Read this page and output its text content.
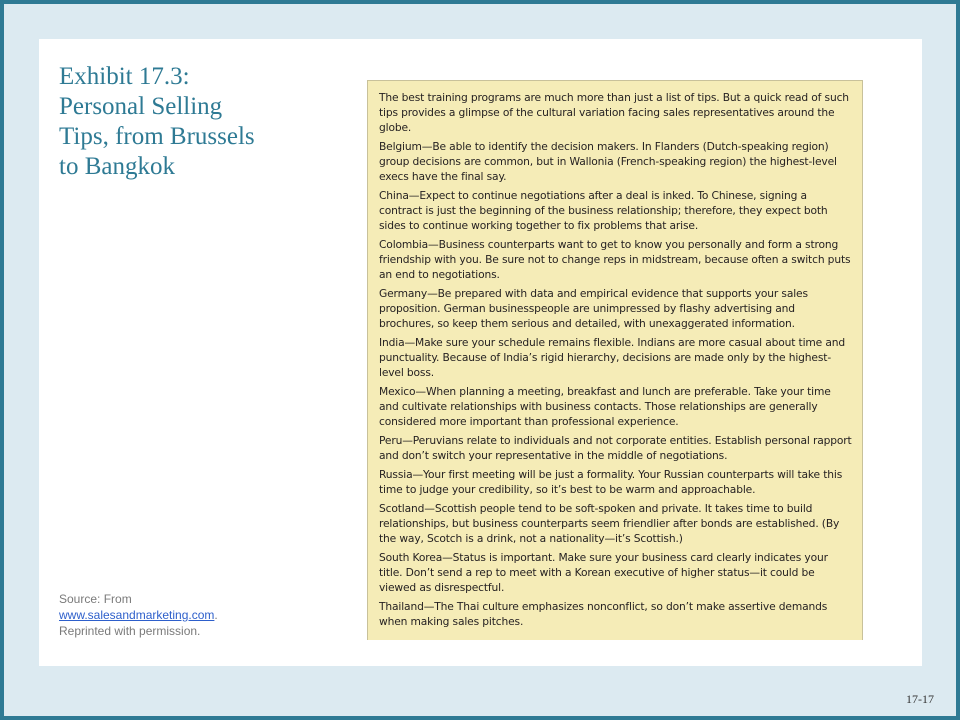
Exhibit 17.3:
Personal Selling
Tips, from Brussels
to Bangkok

The best training programs are much more than just a list of tips. But a quick read of such tips provides a glimpse of the cultural variation facing sales representatives around the globe.

Belgium—Be able to identify the decision makers. In Flanders (Dutch-speaking region) group decisions are common, but in Wallonia (French-speaking region) the highest-level execs have the final say.

China—Expect to continue negotiations after a deal is inked. To Chinese, signing a contract is just the beginning of the business relationship; therefore, they expect both sides to continue working together to fix problems that arise.

Colombia—Business counterparts want to get to know you personally and form a strong friendship with you. Be sure not to change reps in midstream, because often a switch puts an end to negotiations.

Germany—Be prepared with data and empirical evidence that supports your sales proposition. German businesspeople are unimpressed by flashy advertising and brochures, so keep them serious and detailed, with unexaggerated information.

India—Make sure your schedule remains flexible. Indians are more casual about time and punctuality. Because of India’s rigid hierarchy, decisions are made only by the highest-level boss.

Mexico—When planning a meeting, breakfast and lunch are preferable. Take your time and cultivate relationships with business contacts. Those relationships are generally considered more important than professional experience.

Peru—Peruvians relate to individuals and not corporate entities. Establish personal rapport and don’t switch your representative in the middle of negotiations.

Russia—Your first meeting will be just a formality. Your Russian counterparts will take this time to judge your credibility, so it’s best to be warm and approachable.

Scotland—Scottish people tend to be soft-spoken and private. It takes time to build relationships, but business counterparts seem friendlier after bonds are established. (By the way, Scotch is a drink, not a nationality—it’s Scottish.)

South Korea—Status is important. Make sure your business card clearly indicates your title. Don’t send a rep to meet with a Korean executive of higher status—it could be viewed as disrespectful.

Thailand—The Thai culture emphasizes nonconflict, so don’t make assertive demands when making sales pitches.

Source: From
www.salesandmarketing.com.
Reprinted with permission.
17-17
